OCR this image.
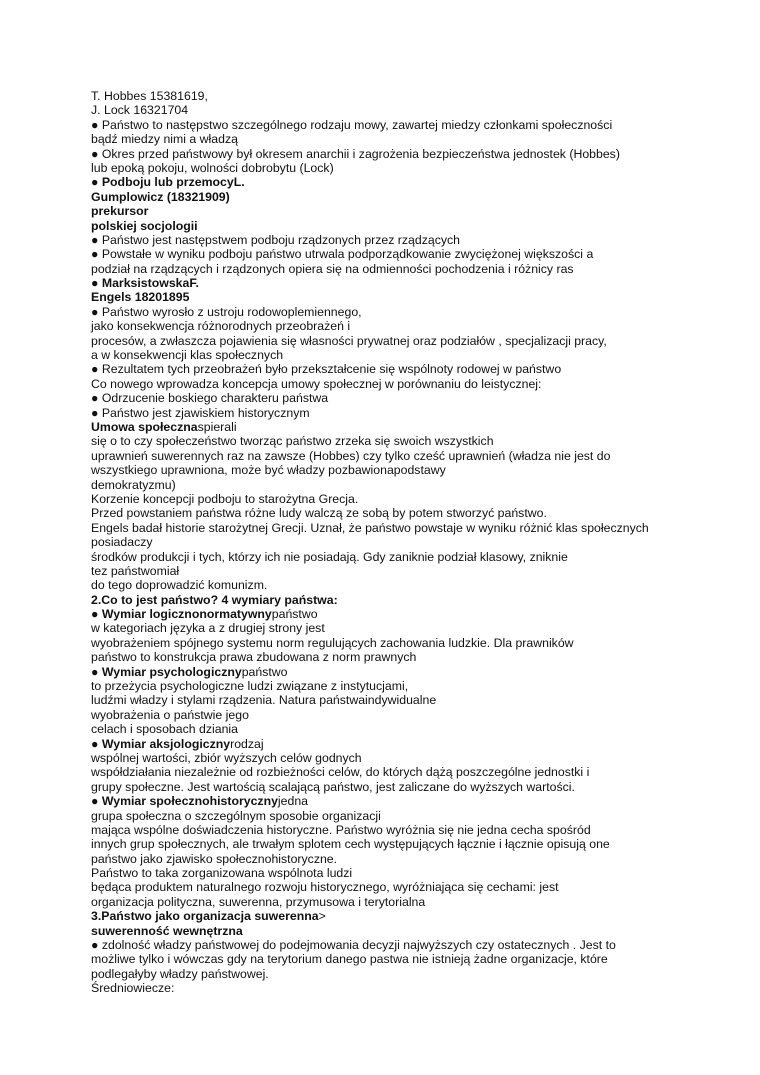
T. Hobbes 15381619,
J. Lock 16321704
● Państwo to następstwo szczególnego rodzaju mowy, zawartej miedzy członkami społeczności
bądź miedzy nimi a władzą
● Okres przed państwowy był okresem anarchii i zagrożenia bezpieczeństwa jednostek (Hobbes)
lub epoką pokoju, wolności dobrobytu (Lock)
● Podboju lub przemocyL.
Gumplowicz (18321909)
prekursor
polskiej socjologii
● Państwo jest następstwem podboju rządzonych przez rządzących
● Powstałe w wyniku podboju państwo utrwala podporządkowanie zwyciężonej większości a
podział na rządzących i rządzonych opiera się na odmienności pochodzenia i różnicy ras
● MarksistowskaF.
Engels 18201895
● Państwo wyrosło z ustroju rodowoplemiennego,
jako konsekwencja różnorodnych przeobrażeń i
procesów, a zwłaszcza pojawienia się własności prywatnej oraz podziałów , specjalizacji pracy,
a w konsekwencji klas społecznych
● Rezultatem tych przeobrażeń było przekształcenie się wspólnoty rodowej w państwo
Co nowego wprowadza koncepcja umowy społecznej w porównaniu do leistycznej:
● Odrzucenie boskiego charakteru państwa
● Państwo jest zjawiskiem historycznym
Umowa społecznaspierali
się o to czy społeczeństwo tworząc państwo zrzeka się swoich wszystkich
uprawnień suwerennych raz na zawsze (Hobbes) czy tylko cześć uprawnień (władza nie jest do
wszystkiego uprawniona, może być władzy pozbawionapodstawy
demokratyzmu)
Korzenie koncepcji podboju to starożytna Grecja.
Przed powstaniem państwa różne ludy walczą ze sobą by potem stworzyć państwo.
Engels badał historie starożytnej Grecji. Uznał, że państwo powstaje w wyniku różnić klas społecznych
posiadaczy
środków produkcji i tych, którzy ich nie posiadają. Gdy zaniknie podział klasowy, zniknie
tez państwomiał
do tego doprowadzić komunizm.
2.Co to jest państwo? 4 wymiary państwa:
● Wymiar logicznonormatywnypaństwo
w kategoriach języka a z drugiej strony jest
wyobrażeniem spójnego systemu norm regulujących zachowania ludzkie. Dla prawników
państwo to konstrukcja prawa zbudowana z norm prawnych
● Wymiar psychologicznypaństwo
to przeżycia psychologiczne ludzi związane z instytucjami,
ludźmi władzy i stylami rządzenia. Natura państwaindywidualne
wyobrażenia o państwie jego
celach i sposobach dziania
● Wymiar aksjologicznyrodzaj
wspólnej wartości, zbiór wyższych celów godnych
współdziałania niezależnie od rozbieżności celów, do których dążą poszczególne jednostki i
grupy społeczne. Jest wartością scalającą państwo, jest zaliczane do wyższych wartości.
● Wymiar społecznohistorycznyjedna
grupa społeczna o szczególnym sposobie organizacji
mająca wspólne doświadczenia historyczne. Państwo wyróżnia się nie jedna cecha spośród
innych grup społecznych, ale trwałym splotem cech występujących łącznie i łącznie opisują one
państwo jako zjawisko społecznohistoryczne.
Państwo to taka zorganizowana wspólnota ludzi
będąca produktem naturalnego rozwoju historycznego, wyróżniająca się cechami: jest
organizacja polityczna, suwerenna, przymusowa i terytorialna
3.Państwo jako organizacja suwerenna>
suwerenność wewnętrzna
● zdolność władzy państwowej do podejmowania decyzji najwyższych czy ostatecznych . Jest to
możliwe tylko i wówczas gdy na terytorium danego pastwa nie istnieją żadne organizacje, które
podlegałyby władzy państwowej.
Średniowiecze:
